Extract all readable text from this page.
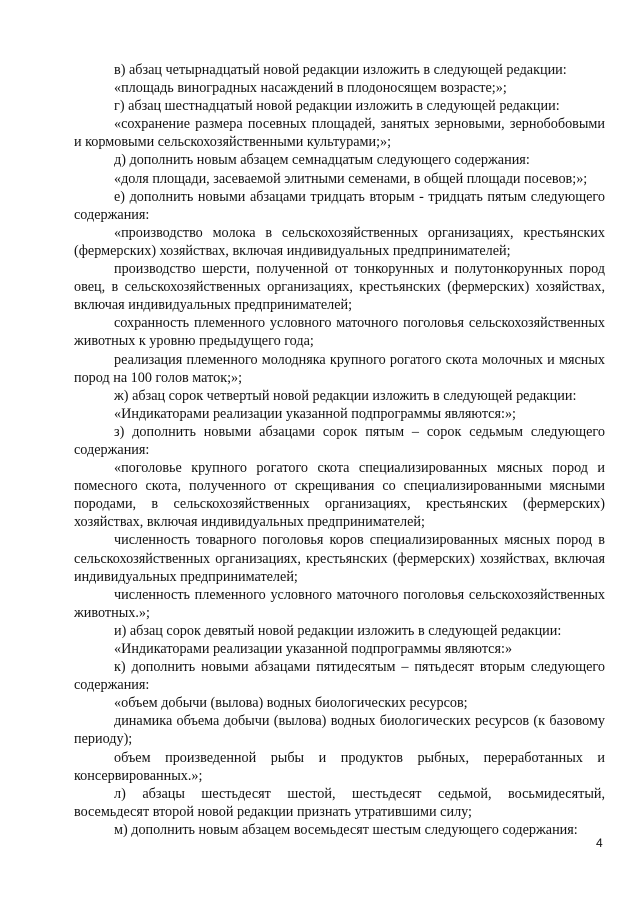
в) абзац четырнадцатый новой редакции изложить в следующей редакции:

«площадь виноградных насаждений в плодоносящем возрасте;»;

г) абзац шестнадцатый новой редакции изложить в следующей редакции:

«сохранение размера посевных площадей, занятых зерновыми, зернобобовыми и кормовыми сельскохозяйственными культурами;»;

д) дополнить новым абзацем семнадцатым следующего содержания:

«доля площади, засеваемой элитными семенами, в общей площади посевов;»;

е) дополнить новыми абзацами тридцать вторым - тридцать пятым следующего содержания:

«производство молока в сельскохозяйственных организациях, крестьянских (фермерских) хозяйствах, включая индивидуальных предпринимателей;

производство шерсти, полученной от тонкорунных и полутонкорунных пород овец, в сельскохозяйственных организациях, крестьянских (фермерских) хозяйствах, включая индивидуальных предпринимателей;

сохранность племенного условного маточного поголовья сельскохозяйственных животных к уровню предыдущего года;

реализация племенного молодняка крупного рогатого скота молочных и мясных пород на 100 голов маток;»;

ж) абзац сорок четвертый новой редакции изложить в следующей редакции:

«Индикаторами реализации указанной подпрограммы являются:»;

з) дополнить новыми абзацами сорок пятым – сорок седьмым следующего содержания:

«поголовье крупного рогатого скота специализированных мясных пород и помесного скота, полученного от скрещивания со специализированными мясными породами, в сельскохозяйственных организациях, крестьянских (фермерских) хозяйствах, включая индивидуальных предпринимателей;

численность товарного поголовья коров специализированных мясных пород в сельскохозяйственных организациях, крестьянских (фермерских) хозяйствах, включая индивидуальных предпринимателей;

численность племенного условного маточного поголовья сельскохозяйственных животных.»;

и) абзац сорок девятый новой редакции изложить в следующей редакции:

«Индикаторами реализации указанной подпрограммы являются:»

к) дополнить новыми абзацами пятидесятым – пятьдесят вторым следующего содержания:

«объем добычи (вылова) водных биологических ресурсов;

динамика объема добычи (вылова) водных биологических ресурсов (к базовому периоду);

объем произведенной рыбы и продуктов рыбных, переработанных и консервированных.»;

л) абзацы шестьдесят шестой, шестьдесят седьмой, восьмидесятый, восемьдесят второй новой редакции признать утратившими силу;

м) дополнить новым абзацем восемьдесят шестым следующего содержания:

4
